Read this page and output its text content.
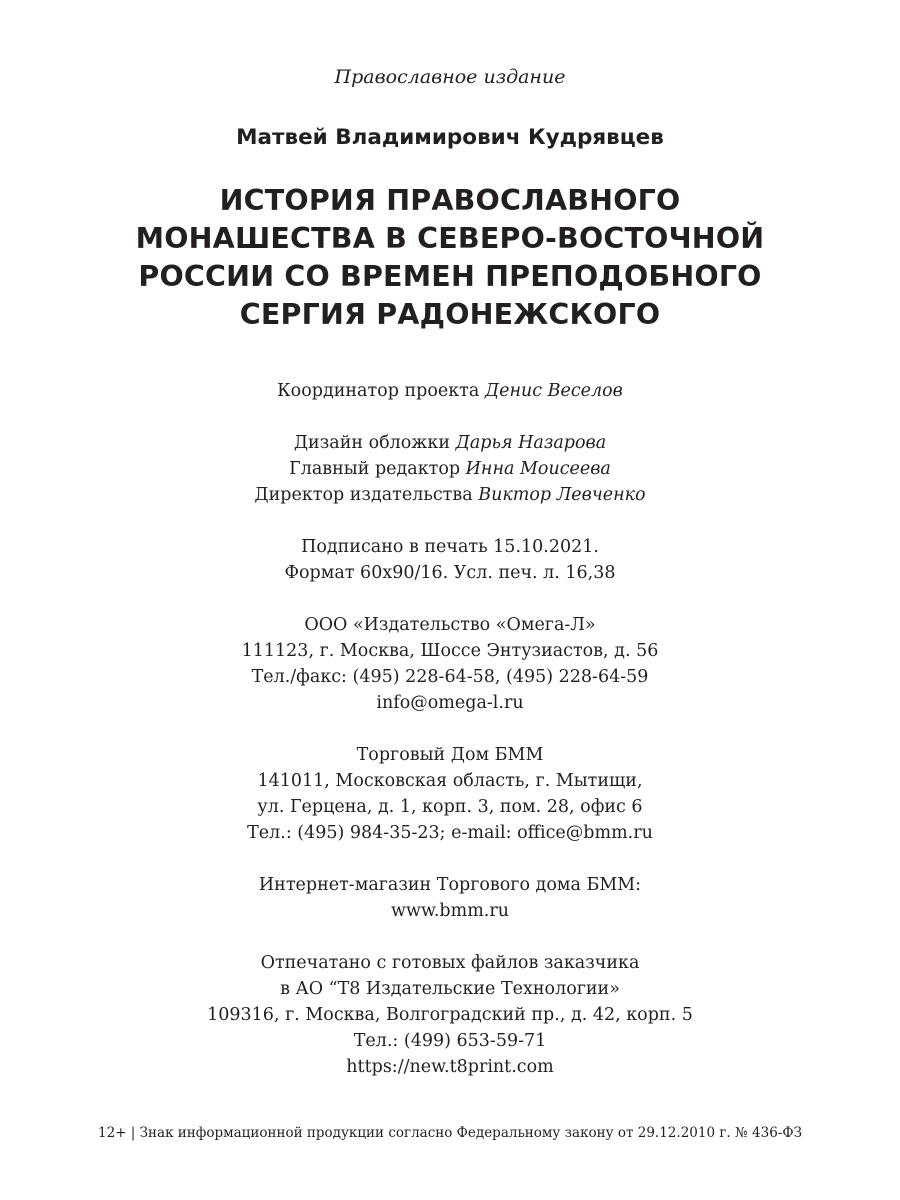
Православное издание
Матвей Владимирович Кудрявцев
ИСТОРИЯ ПРАВОСЛАВНОГО
МОНАШЕСТВА В СЕВЕРО-ВОСТОЧНОЙ
РОССИИ СО ВРЕМЕН ПРЕПОДОБНОГО
СЕРГИЯ РАДОНЕЖСКОГО
Координатор проекта Денис Веселов
Дизайн обложки Дарья Назарова
Главный редактор Инна Моисеева
Директор издательства Виктор Левченко
Подписано в печать 15.10.2021.
Формат 60х90/16. Усл. печ. л. 16,38
ООО «Издательство «Омега-Л»
111123, г. Москва, Шоссе Энтузиастов, д. 56
Тел./факс: (495) 228-64-58, (495) 228-64-59
info@omega-l.ru
Торговый Дом БММ
141011, Московская область, г. Мытищи,
ул. Герцена, д. 1, корп. 3, пом. 28, офис 6
Тел.: (495) 984-35-23; e-mail: office@bmm.ru
Интернет-магазин Торгового дома БММ:
www.bmm.ru
Отпечатано с готовых файлов заказчика
в АО “Т8 Издательские Технологии»
109316, г. Москва, Волгоградский пр., д. 42, корп. 5
Тел.: (499) 653-59-71
https://new.t8print.com
12+ | Знак информационной продукции согласно Федеральному закону от 29.12.2010 г. № 436-ФЗ
